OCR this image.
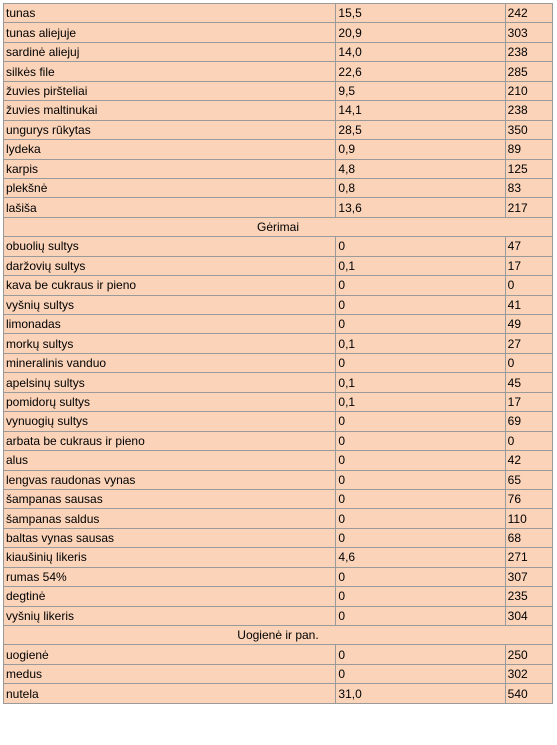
tunas	15,5	242
tunas aliejuje	20,9	303
sardinė aliejuj	14,0	238
silkės file	22,6	285
žuvies piršteliai	9,5	210
žuvies maltinukai	14,1	238
ungurys rūkytas	28,5	350
lydeka	0,9	89
karpis	4,8	125
plekšnė	0,8	83
lašiša	13,6	217
Gėrimai		
obuolių sultys	0	47
daržovių sultys	0,1	17
kava be cukraus ir pieno	0	0
vyšnių sultys	0	41
limonadas	0	49
morkų sultys	0,1	27
mineralinis vanduo	0	0
apelsinų sultys	0,1	45
pomidorų sultys	0,1	17
vynuogių sultys	0	69
arbata be cukraus ir pieno	0	0
alus	0	42
lengvas raudonas vynas	0	65
šampanas sausas	0	76
šampanas saldus	0	110
baltas vynas sausas	0	68
kiaušinių likeris	4,6	271
rumas 54%	0	307
degtinė	0	235
vyšnių likeris	0	304
Uogienė ir pan.		
uogienė	0	250
medus	0	302
nutela	31,0	540
